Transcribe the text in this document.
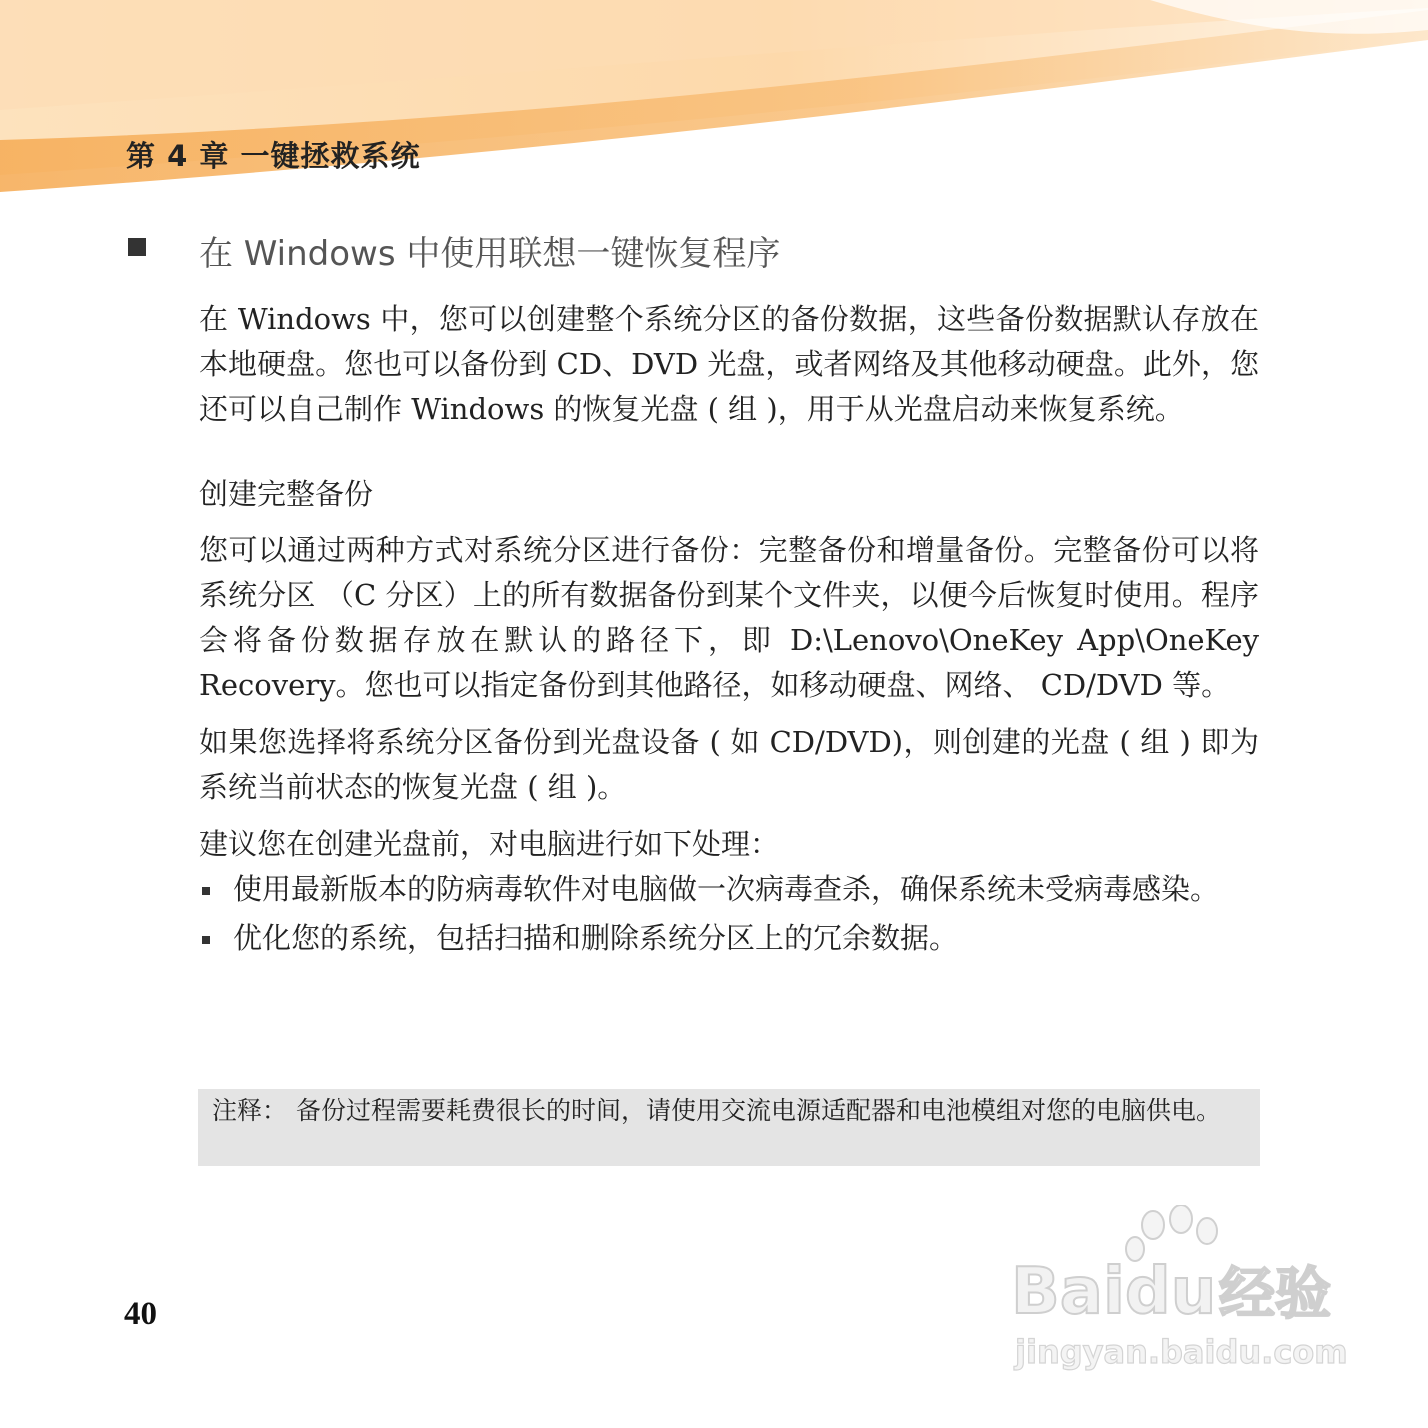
第 4 章 一键拯救系统
在 Windows 中使用联想一键恢复程序

在 Windows 中，您可以创建整个系统分区的备份数据，这些备份数据默认存放在本地硬盘。您也可以备份到 CD、DVD 光盘，或者网络及其他移动硬盘。此外，您还可以自己制作 Windows 的恢复光盘 ( 组 )，用于从光盘启动来恢复系统。

创建完整备份

您可以通过两种方式对系统分区进行备份：完整备份和增量备份。完整备份可以将系统分区 （C 分区）上的所有数据备份到某个文件夹，以便今后恢复时使用。程序会将备份数据存放在默认的路径下，即 D:\Lenovo\OneKey App\OneKey Recovery。您也可以指定备份到其他路径，如移动硬盘、网络、 CD/DVD 等。

如果您选择将系统分区备份到光盘设备 ( 如 CD/DVD)，则创建的光盘 ( 组 ) 即为系统当前状态的恢复光盘 ( 组 )。

建议您在创建光盘前，对电脑进行如下处理：

使用最新版本的防病毒软件对电脑做一次病毒查杀，确保系统未受病毒感染。
优化您的系统，包括扫描和删除系统分区上的冗余数据。
注释： 备份过程需要耗费很长的时间，请使用交流电源适配器和电池模组对您的电脑供电。
40	Baidu 经验
jingyan.baidu.com
